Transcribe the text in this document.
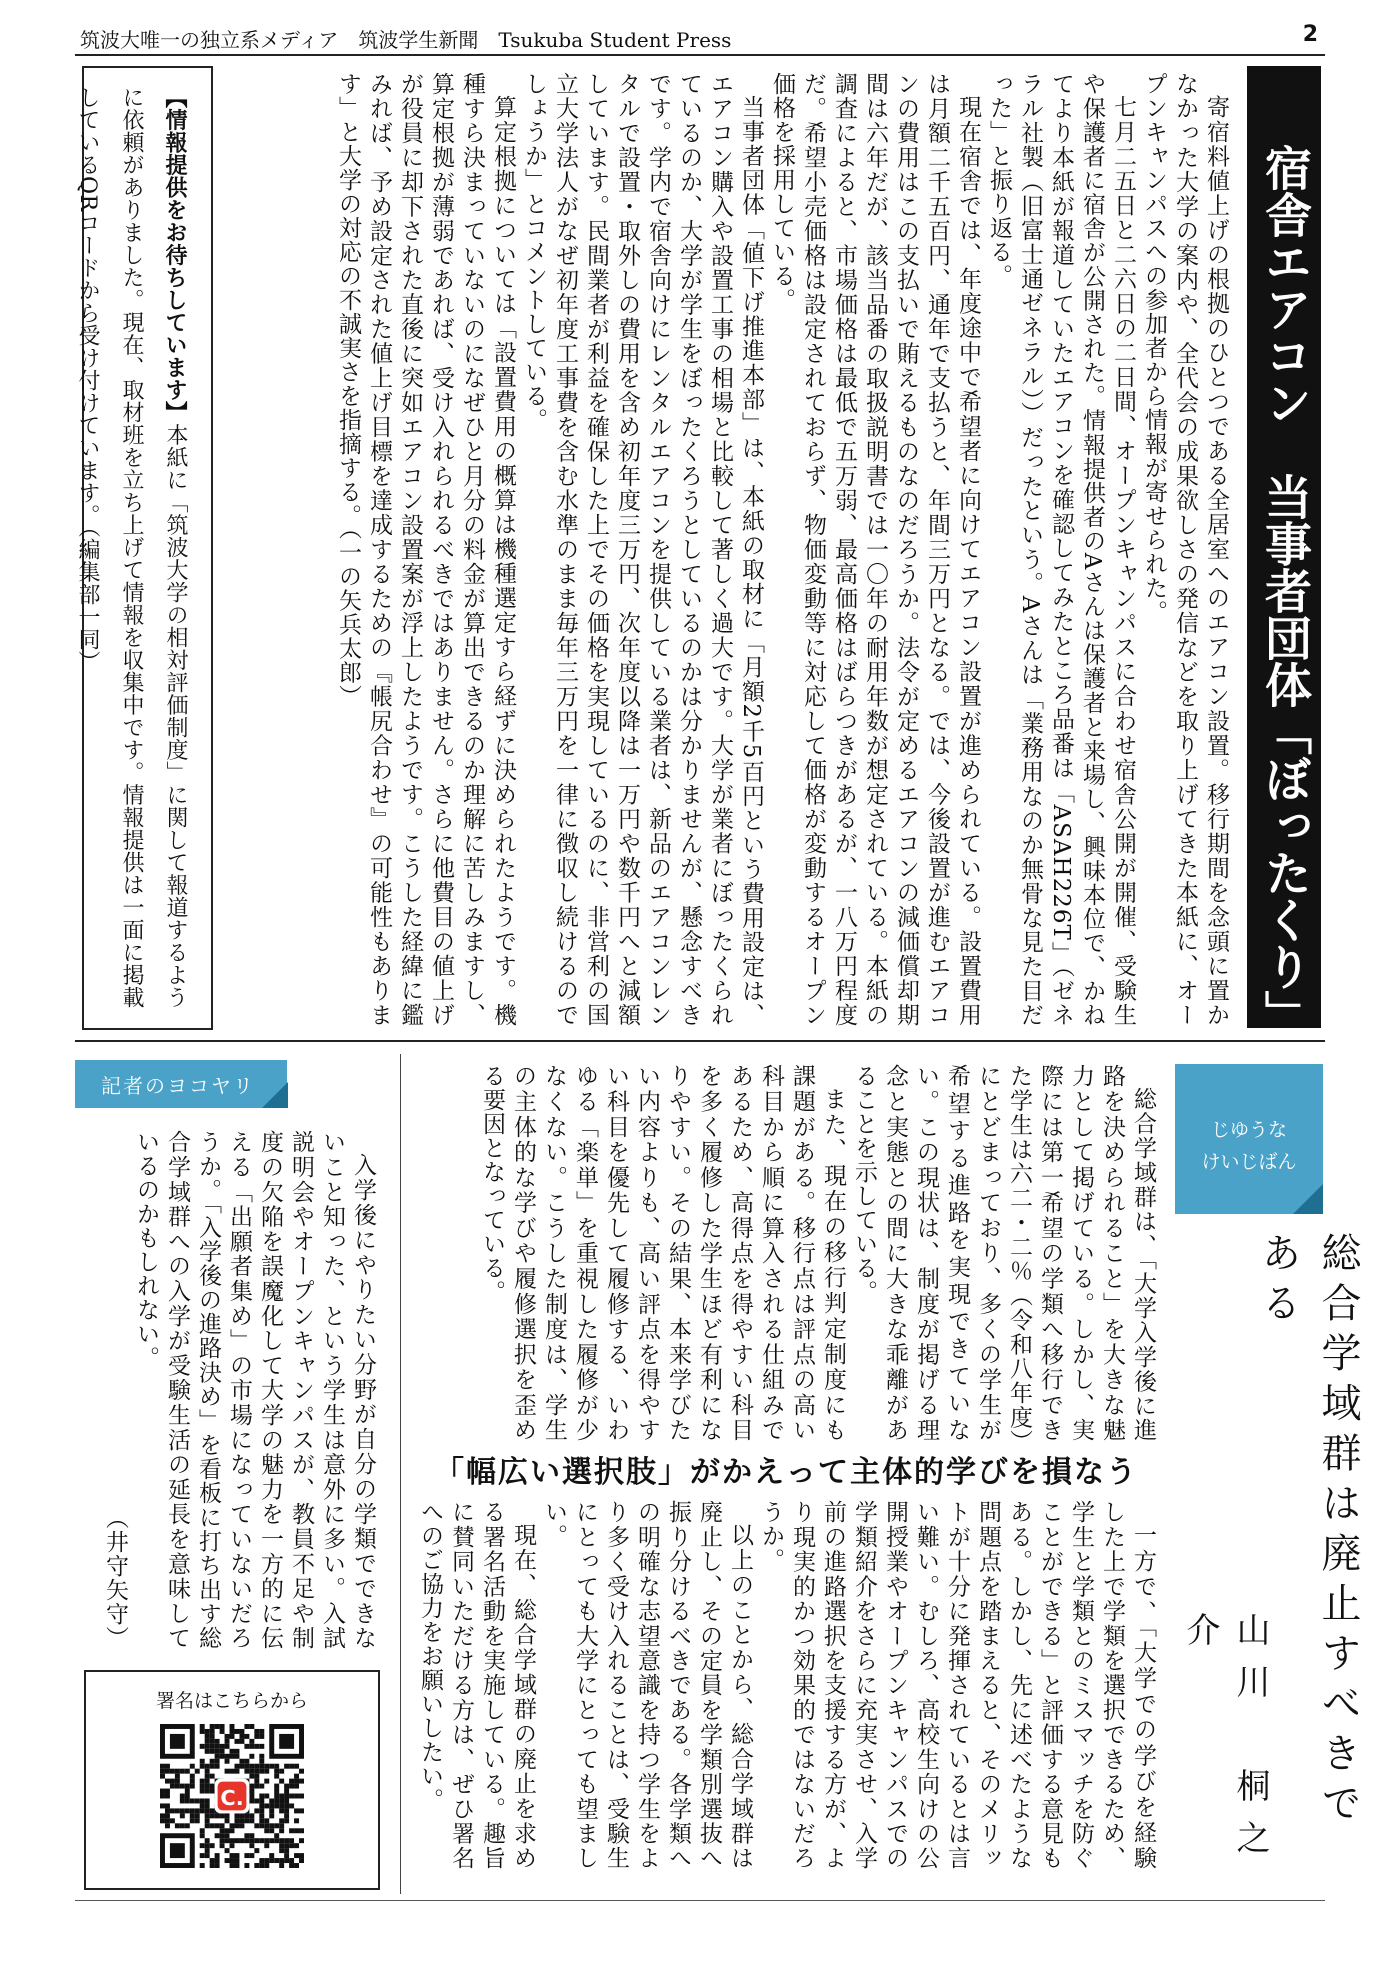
筑波大唯一の独立系メディア　筑波学生新聞　Tsukuba Student Press	2
宿舎エアコン　当事者団体「ぼったくり」

寄宿料値上げの根拠のひとつである全居室へのエアコン設置。移行期間を念頭に置かなかった大学の案内や、全代会の成果欲しさの発信などを取り上げてきた本紙に、オープンキャンパスへの参加者から情報が寄せられた。

七月二五日と二六日の二日間、オープンキャンパスに合わせ宿舎公開が開催、受験生や保護者に宿舎が公開された。情報提供者のAさんは保護者と来場し、興味本位で、かねてより本紙が報道していたエアコンを確認してみたところ品番は「ASAH226T」（ゼネラル社製（旧富士通ゼネラル））だったという。Aさんは「業務用なのか無骨な見た目だった」と振り返る。

現在宿舎では、年度途中で希望者に向けてエアコン設置が進められている。設置費用は月額二千五百円、通年で支払うと、年間三万円となる。では、今後設置が進むエアコンの費用はこの支払いで賄えるものなのだろうか。法令が定めるエアコンの減価償却期間は六年だが、該当品番の取扱説明書では一〇年の耐用年数が想定されている。本紙の調査によると、市場価格は最低で五万弱、最高価格はばらつきがあるが、一八万円程度だ。希望小売価格は設定されておらず、物価変動等に対応して価格が変動するオープン価格を採用している。

当事者団体「値下げ推進本部」は、本紙の取材に「月額2千5百円という費用設定は、エアコン購入や設置工事の相場と比較して著しく過大です。大学が業者にぼったくられているのか、大学が学生をぼったくろうとしているのかは分かりませんが、懸念すべきです。学内で宿舎向けにレンタルエアコンを提供している業者は、新品のエアコンレンタルで設置・取外しの費用を含め初年度三万円、次年度以降は一万円や数千円へと減額しています。民間業者が利益を確保した上でその価格を実現しているのに、非営利の国立大学法人がなぜ初年度工事費を含む水準のまま毎年三万円を一律に徴収し続けるのでしょうか」とコメントしている。

算定根拠については「設置費用の概算は機種選定すら経ずに決められたようです。機種すら決まっていないのになぜひと月分の料金が算出できるのか理解に苦しみますし、算定根拠が薄弱であれば、受け入れられるべきではありません。さらに他費目の値上げが役員に却下された直後に突如エアコン設置案が浮上したようです。こうした経緯に鑑みれば、予め設定された値上げ目標を達成するための『帳尻合わせ』の可能性もあります」と大学の対応の不誠実さを指摘する。（一の矢兵太郎）

【情報提供をお待ちしています】本紙に「筑波大学の相対評価制度」に関して報道するように依頼がありました。現在、取材班を立ち上げて情報を収集中です。情報提供は一面に掲載しているQRコードから受け付けています。（編集部一同）
じゆうな
けいじばん
総合学域群は廃止すべきである
山川　桐之介

総合学域群は、「大学入学後に進路を決められること」を大きな魅力として掲げている。しかし、実際には第一希望の学類へ移行できた学生は六二・二％（令和八年度）にとどまっており、多くの学生が希望する進路を実現できていない。この現状は、制度が掲げる理念と実態との間に大きな乖離があることを示している。

また、現在の移行判定制度にも課題がある。移行点は評点の高い科目から順に算入される仕組みであるため、高得点を得やすい科目を多く履修した学生ほど有利になりやすい。その結果、本来学びたい内容よりも、高い評点を得やすい科目を優先して履修する、いわゆる「楽単」を重視した履修が少なくない。こうした制度は、学生の主体的な学びや履修選択を歪める要因となっている。

「幅広い選択肢」がかえって主体的学びを損なう

一方で、「大学での学びを経験した上で学類を選択できるため、学生と学類とのミスマッチを防ぐことができる」と評価する意見もある。しかし、先に述べたような問題点を踏まえると、そのメリットが十分に発揮されているとは言い難い。むしろ、高校生向けの公開授業やオープンキャンパスでの学類紹介をさらに充実させ、入学前の進路選択を支援する方が、より現実的かつ効果的ではないだろうか。

以上のことから、総合学域群は廃止し、その定員を学類別選抜へ振り分けるべきである。各学類への明確な志望意識を持つ学生をより多く受け入れることは、受験生にとっても大学にとっても望ましい。

現在、総合学域群の廃止を求める署名活動を実施している。趣旨に賛同いただける方は、ぜひ署名へのご協力をお願いしたい。

記者のヨコヤリ

入学後にやりたい分野が自分の学類でできないこと知った、という学生は意外に多い。入試説明会やオープンキャンパスが、教員不足や制度の欠陥を誤魔化して大学の魅力を一方的に伝える「出願者集め」の市場になっていないだろうか。「入学後の進路決め」を看板に打ち出す総合学域群への入学が受験生活の延長を意味しているのかもしれない。

（井守矢守）

署名はこちらから
C.
